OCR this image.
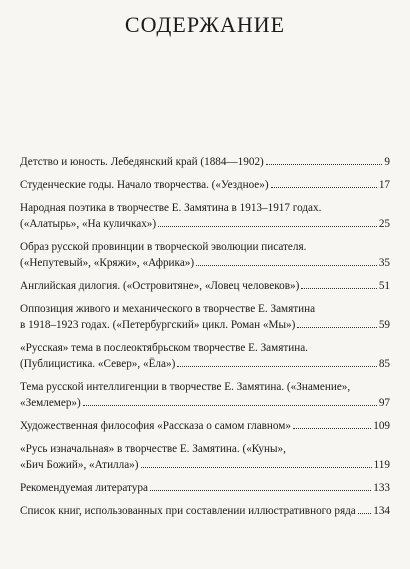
СОДЕРЖАНИЕ
Детство и юность. Лебедянский край (1884—1902)	9
Студенческие годы. Начало творчества. («Уездное»)	17
Народная поэтика в творчестве Е. Замятина в 1913–1917 годах.
(«Алатырь», «На куличках»)	25
Образ русской провинции в творческой эволюции писателя.
(«Непутевый», «Кряжи», «Африка»)	35
Английская дилогия. («Островитяне», «Ловец человеков»)	51
Оппозиция живого и механического в творчестве Е. Замятина
в 1918–1923 годах. («Петербургский» цикл. Роман «Мы»)	59
«Русская» тема в послеоктябрьском творчестве Е. Замятина.
(Публицистика. «Север», «Ёла»)	85
Тема русской интеллигенции в творчестве Е. Замятина. («Знамение»,
«Землемер»)	97
Художественная философия «Рассказа о самом главном»	109
«Русь изначальная» в творчестве Е. Замятина. («Куны»,
«Бич Божий», «Атилла»)	119
Рекомендуемая литература	133
Список книг, использованных при составлении иллюстративного ряда 134
